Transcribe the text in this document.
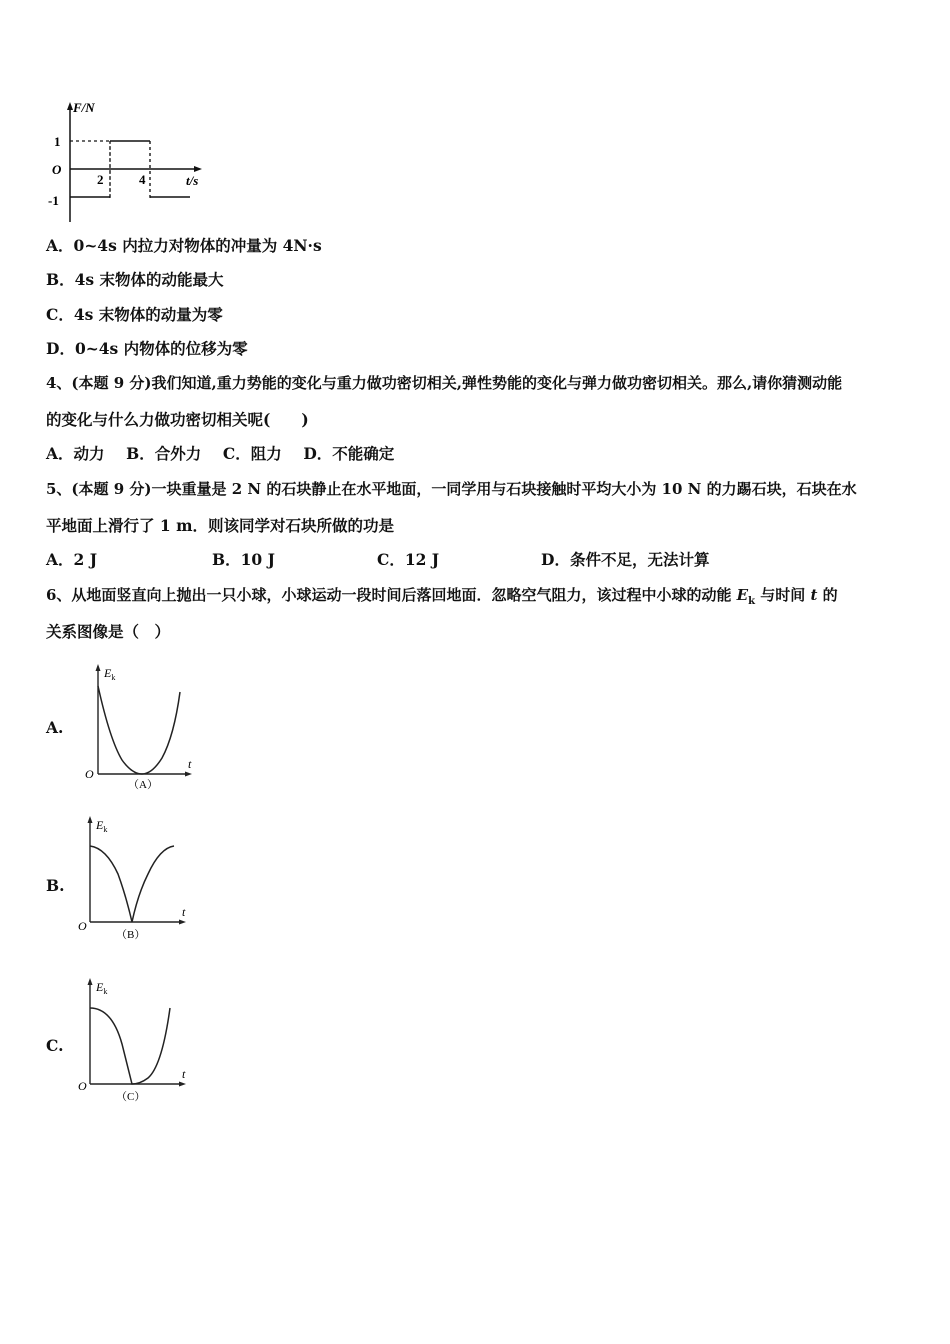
F/N
t/s
O
1
-1
2	4
A．0~4s 内拉力对物体的冲量为 4N·s
B．4s 末物体的动能最大
C．4s 末物体的动量为零
D．0~4s 内物体的位移为零
4、(本题 9 分)我们知道,重力势能的变化与重力做功密切相关,弹性势能的变化与弹力做功密切相关。那么,请你猜测动能
的变化与什么力做功密切相关呢(　　)
A．动力 B．合外力 C．阻力 D．不能确定
5、(本题 9 分)一块重量是 2 N 的石块静止在水平地面，一同学用与石块接触时平均大小为 10 N 的力踢石块，石块在水
平地面上滑行了 1 m．则该同学对石块所做的功是
A．2 J	B．10 J	C．12 J	D．条件不足，无法计算
6、从地面竖直向上抛出一只小球，小球运动一段时间后落回地面．忽略空气阻力，该过程中小球的动能 $E_k$ 与时间 t 的
关系图像是（　）
A.
$E_k$
t
O
（A）
B.
$E_k$
t
O
（B）
C.
$E_k$
t
O
（C）
